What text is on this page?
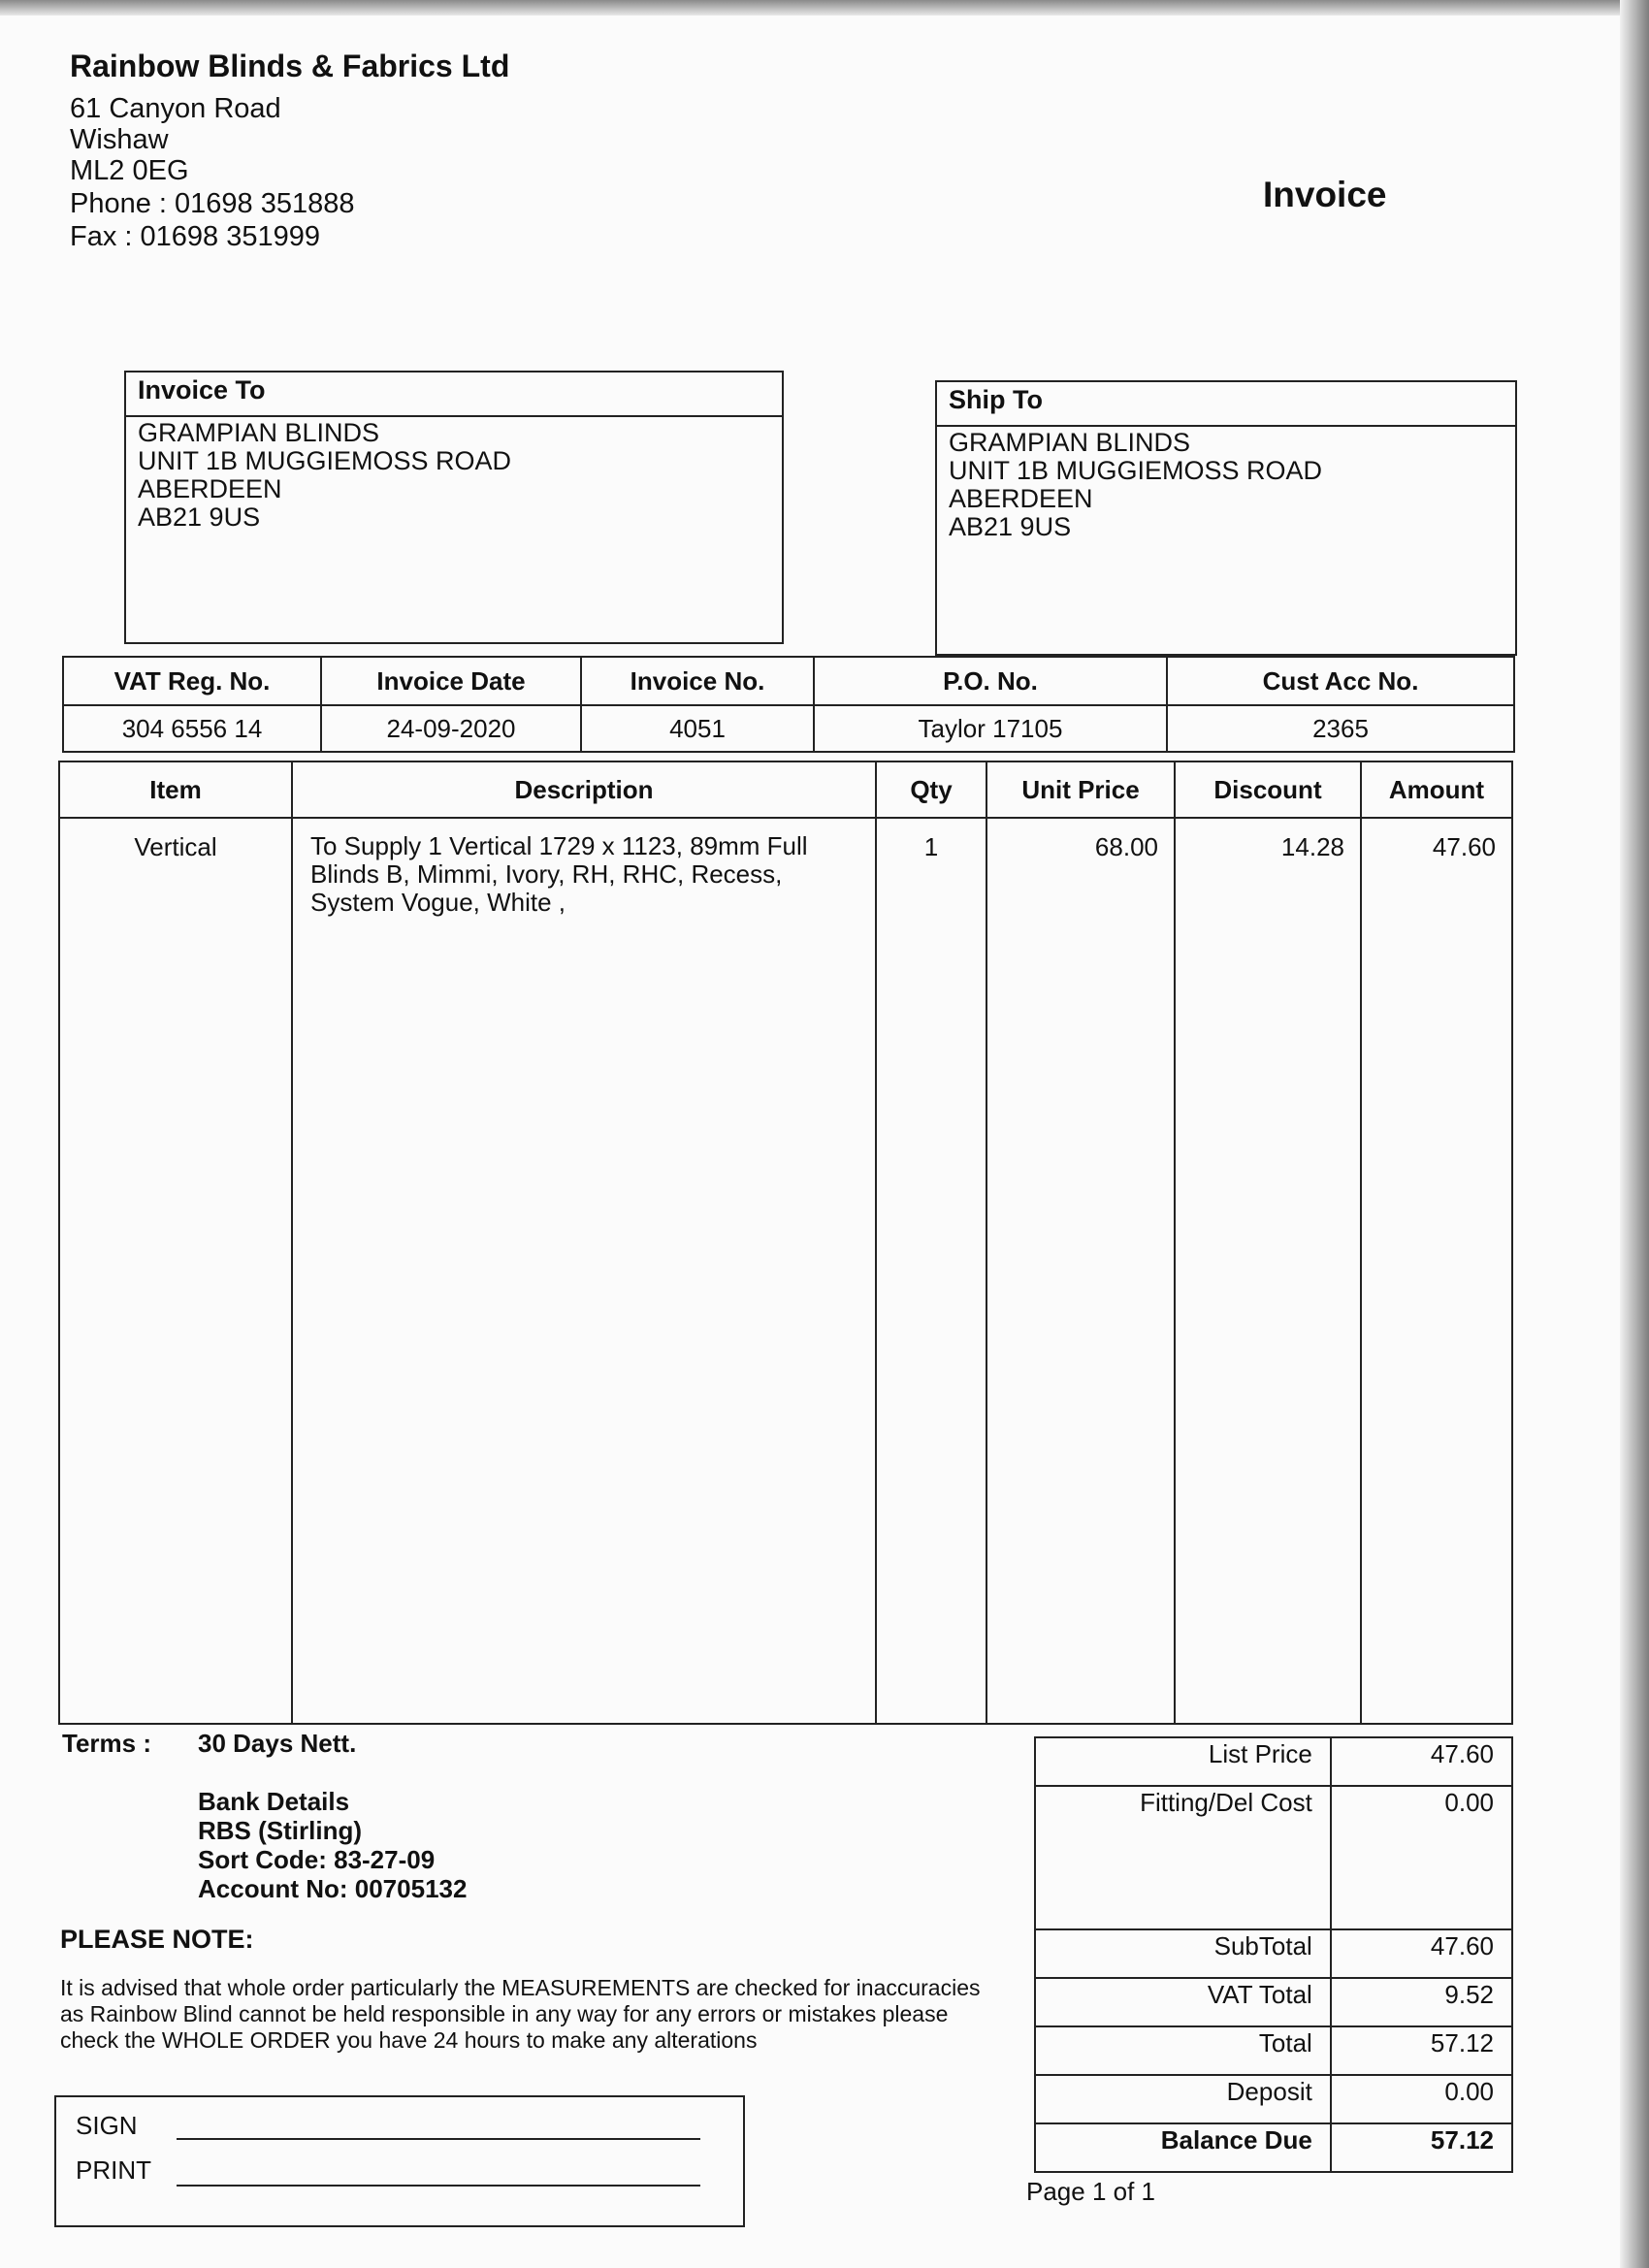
Rainbow Blinds & Fabrics Ltd
61 Canyon Road
Wishaw
ML2 0EG
Phone : 01698 351888
Fax : 01698 351999
Invoice
Invoice To
GRAMPIAN BLINDS
UNIT 1B MUGGIEMOSS ROAD
ABERDEEN
AB21 9US
Ship To
GRAMPIAN BLINDS
UNIT 1B MUGGIEMOSS ROAD
ABERDEEN
AB21 9US
VAT Reg. No.	Invoice Date	Invoice No.	P.O. No.	Cust Acc No.
304 6556 14	24-09-2020	4051	Taylor 17105	2365
Item	Description	Qty	Unit Price	Discount	Amount
Vertical	To Supply 1 Vertical 1729 x 1123, 89mm Full Blinds B, Mimmi, Ivory, RH, RHC, Recess, System Vogue, White ,	1	68.00	14.28	47.60
Terms : 30 Days Nett.
Bank Details
RBS (Stirling)
Sort Code: 83-27-09
Account No: 00705132
PLEASE NOTE:
It is advised that whole order particularly the MEASUREMENTS are checked for inaccuracies as Rainbow Blind cannot be held responsible in any way for any errors or mistakes please check the WHOLE ORDER you have 24 hours to make any alterations
SIGN
PRINT
List Price	47.60
Fitting/Del Cost	0.00
SubTotal	47.60
VAT Total	9.52
Total	57.12
Deposit	0.00
Balance Due	57.12
Page 1 of 1
